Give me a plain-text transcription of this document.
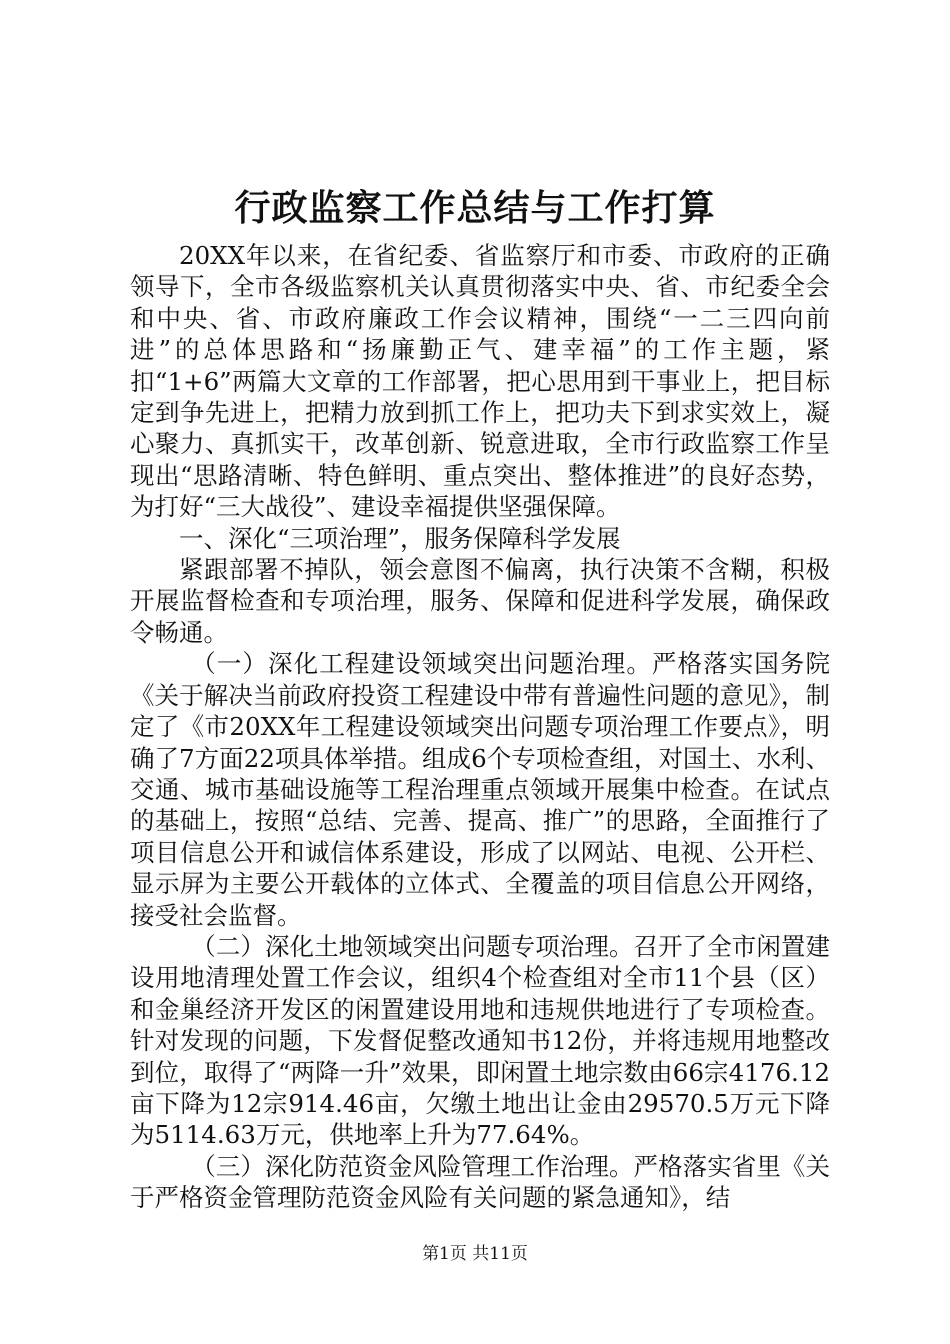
行政监察工作总结与工作打算

20XX年以来，在省纪委、省监察厅和市委、市政府的正确领导下，全市各级监察机关认真贯彻落实中央、省、市纪委全会和中央、省、市政府廉政工作会议精神，围绕“一二三四向前进”的总体思路和“扬廉勤正气、建幸福”的工作主题，紧扣“1+6”两篇大文章的工作部署，把心思用到干事业上，把目标定到争先进上，把精力放到抓工作上，把功夫下到求实效上，凝心聚力、真抓实干，改革创新、锐意进取，全市行政监察工作呈现出“思路清晰、特色鲜明、重点突出、整体推进”的良好态势，为打好“三大战役”、建设幸福提供坚强保障。

一、深化“三项治理”，服务保障科学发展

紧跟部署不掉队，领会意图不偏离，执行决策不含糊，积极开展监督检查和专项治理，服务、保障和促进科学发展，确保政令畅通。

（一）深化工程建设领域突出问题治理。严格落实国务院《关于解决当前政府投资工程建设中带有普遍性问题的意见》，制定了《市20XX年工程建设领域突出问题专项治理工作要点》，明确了7方面22项具体举措。组成6个专项检查组，对国土、水利、交通、城市基础设施等工程治理重点领域开展集中检查。在试点的基础上，按照“总结、完善、提高、推广”的思路，全面推行了项目信息公开和诚信体系建设，形成了以网站、电视、公开栏、显示屏为主要公开载体的立体式、全覆盖的项目信息公开网络，接受社会监督。

（二）深化土地领域突出问题专项治理。召开了全市闲置建设用地清理处置工作会议，组织4个检查组对全市11个县（区）和金巢经济开发区的闲置建设用地和违规供地进行了专项检查。针对发现的问题，下发督促整改通知书12份，并将违规用地整改到位，取得了“两降一升”效果，即闲置土地宗数由66宗4176.12亩下降为12宗914.46亩，欠缴土地出让金由29570.5万元下降为5114.63万元，供地率上升为77.64%。

（三）深化防范资金风险管理工作治理。严格落实省里《关于严格资金管理防范资金风险有关问题的紧急通知》，结

第1页 共11页
